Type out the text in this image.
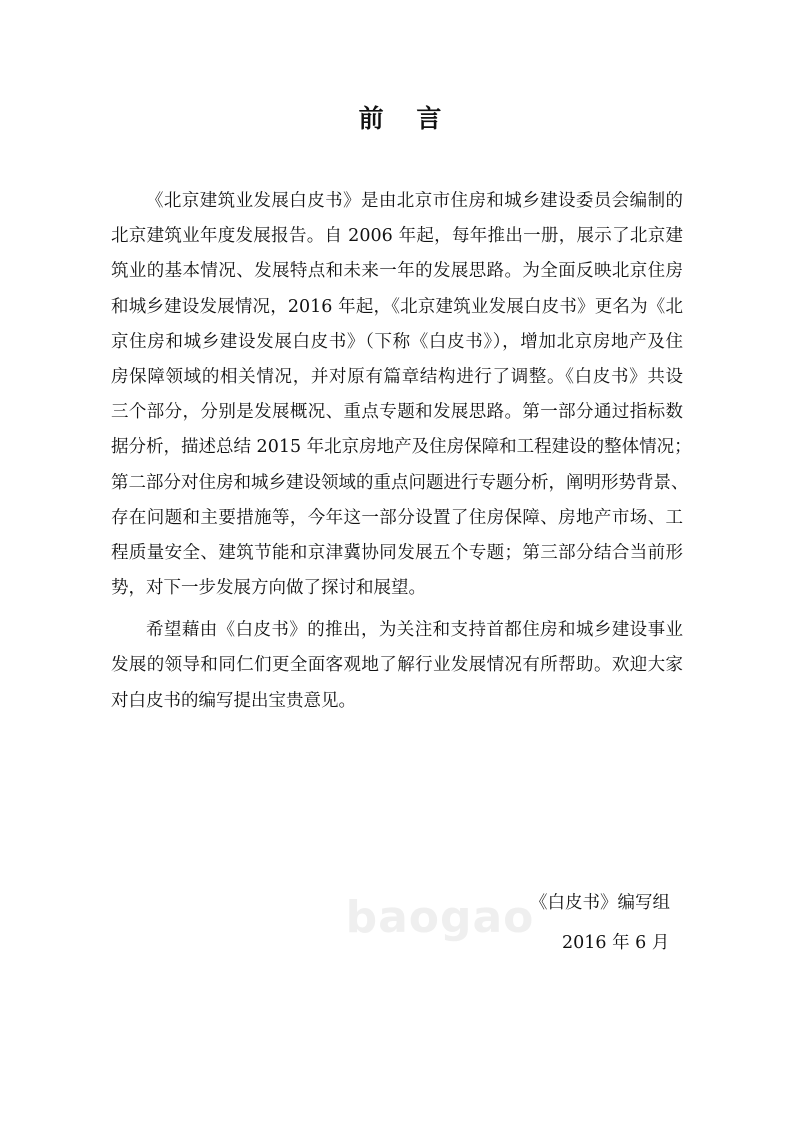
baogao
前 言
《北京建筑业发展白皮书》是由北京市住房和城乡建设委员会编制的
北京建筑业年度发展报告。自 2006 年起，每年推出一册，展示了北京建
筑业的基本情况、发展特点和未来一年的发展思路。为全面反映北京住房
和城乡建设发展情况，2016 年起，《北京建筑业发展白皮书》更名为《北
京住房和城乡建设发展白皮书》（下称《白皮书》），增加北京房地产及住
房保障领域的相关情况，并对原有篇章结构进行了调整。《白皮书》共设
三个部分，分别是发展概况、重点专题和发展思路。第一部分通过指标数
据分析，描述总结 2015 年北京房地产及住房保障和工程建设的整体情况；
第二部分对住房和城乡建设领域的重点问题进行专题分析，阐明形势背景、
存在问题和主要措施等，今年这一部分设置了住房保障、房地产市场、工
程质量安全、建筑节能和京津冀协同发展五个专题；第三部分结合当前形
势，对下一步发展方向做了探讨和展望。
希望藉由《白皮书》的推出，为关注和支持首都住房和城乡建设事业
发展的领导和同仁们更全面客观地了解行业发展情况有所帮助。欢迎大家
对白皮书的编写提出宝贵意见。
《白皮书》编写组
2016 年 6 月
